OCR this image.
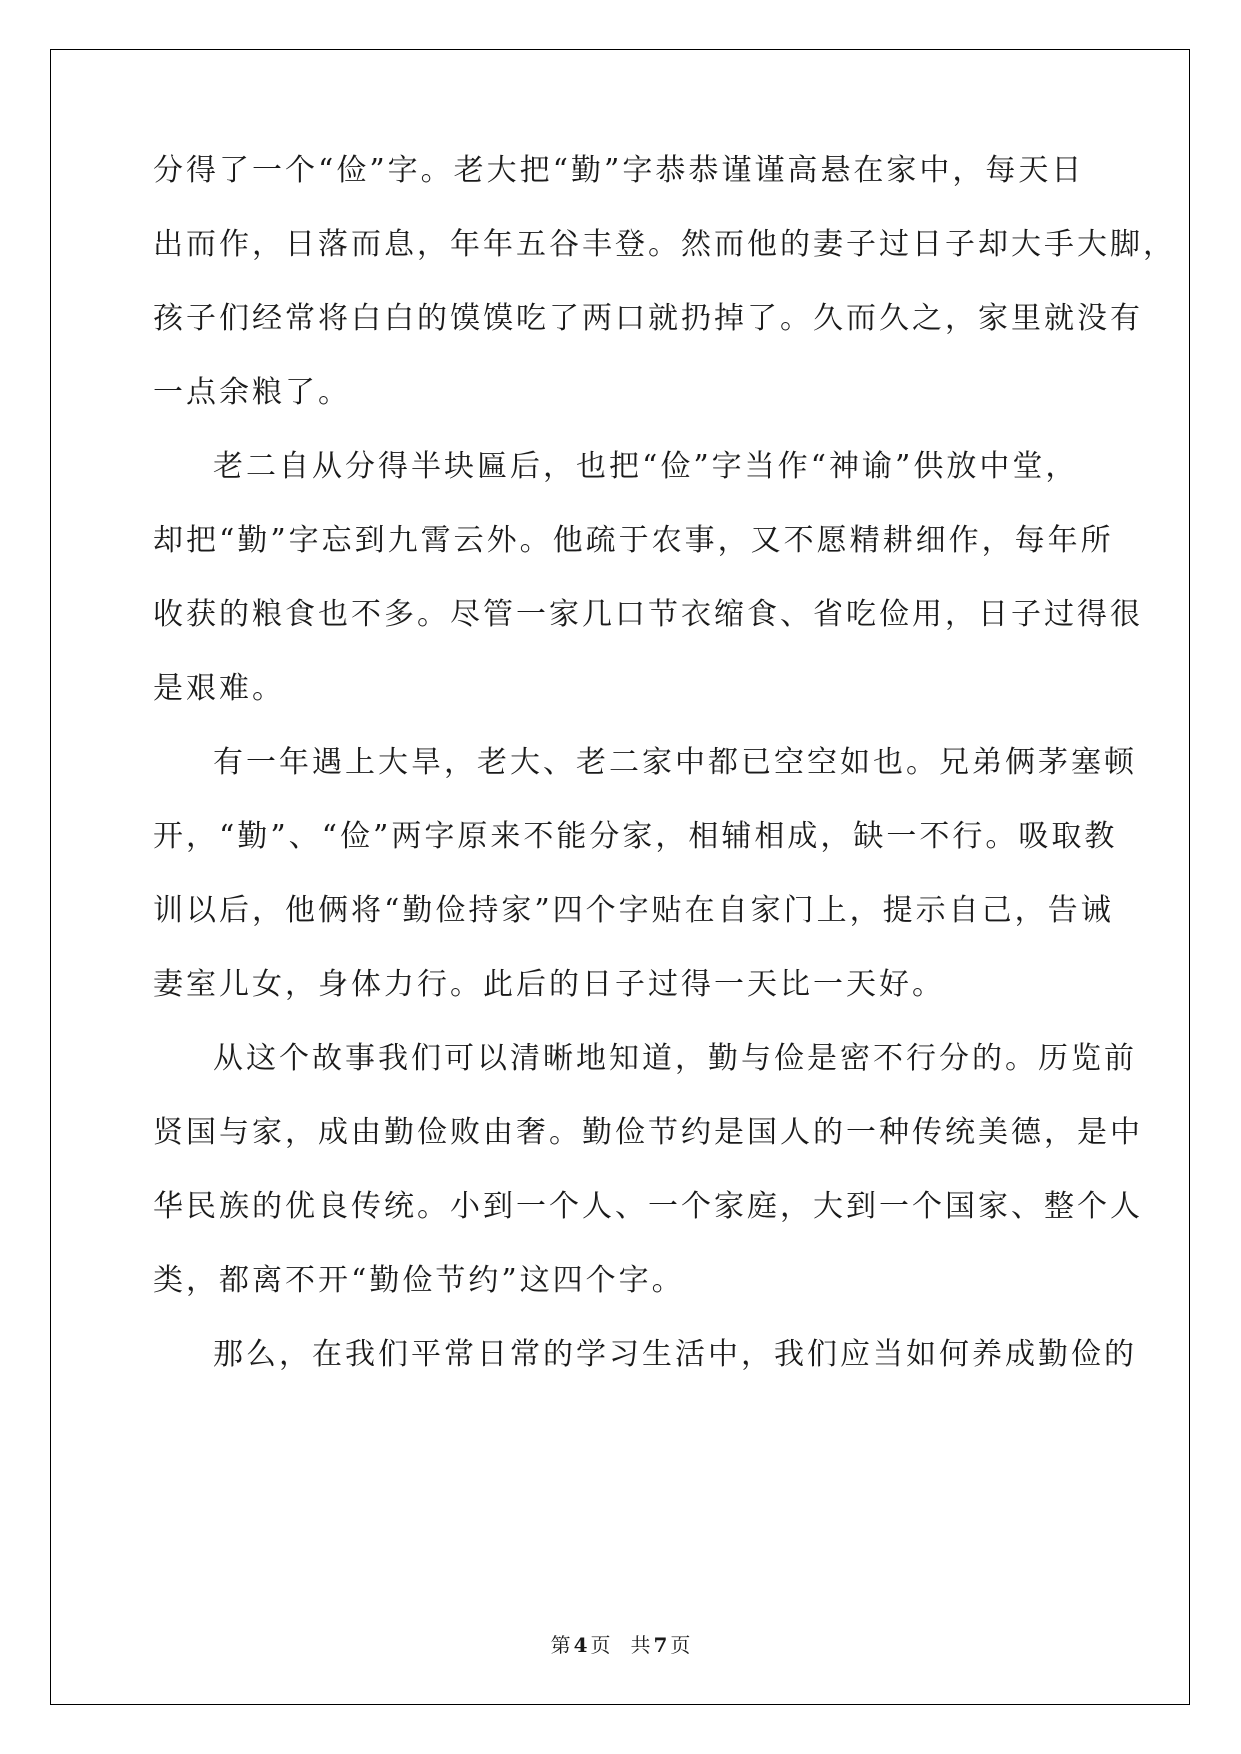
分得了一个“俭”字。老大把“勤”字恭恭谨谨高悬在家中，每天日
出而作，日落而息，年年五谷丰登。然而他的妻子过日子却大手大脚，
孩子们经常将白白的馍馍吃了两口就扔掉了。久而久之，家里就没有
一点余粮了。
老二自从分得半块匾后，也把“俭”字当作“神谕”供放中堂，
却把“勤”字忘到九霄云外。他疏于农事，又不愿精耕细作，每年所
收获的粮食也不多。尽管一家几口节衣缩食、省吃俭用，日子过得很
是艰难。
有一年遇上大旱，老大、老二家中都已空空如也。兄弟俩茅塞顿
开，“勤”、“俭”两字原来不能分家，相辅相成，缺一不行。吸取教
训以后，他俩将“勤俭持家”四个字贴在自家门上，提示自己，告诫
妻室儿女，身体力行。此后的日子过得一天比一天好。
从这个故事我们可以清晰地知道，勤与俭是密不行分的。历览前
贤国与家，成由勤俭败由奢。勤俭节约是国人的一种传统美德，是中
华民族的优良传统。小到一个人、一个家庭，大到一个国家、整个人
类，都离不开“勤俭节约”这四个字。
那么，在我们平常日常的学习生活中，我们应当如何养成勤俭的
第 4 页 共 7 页
